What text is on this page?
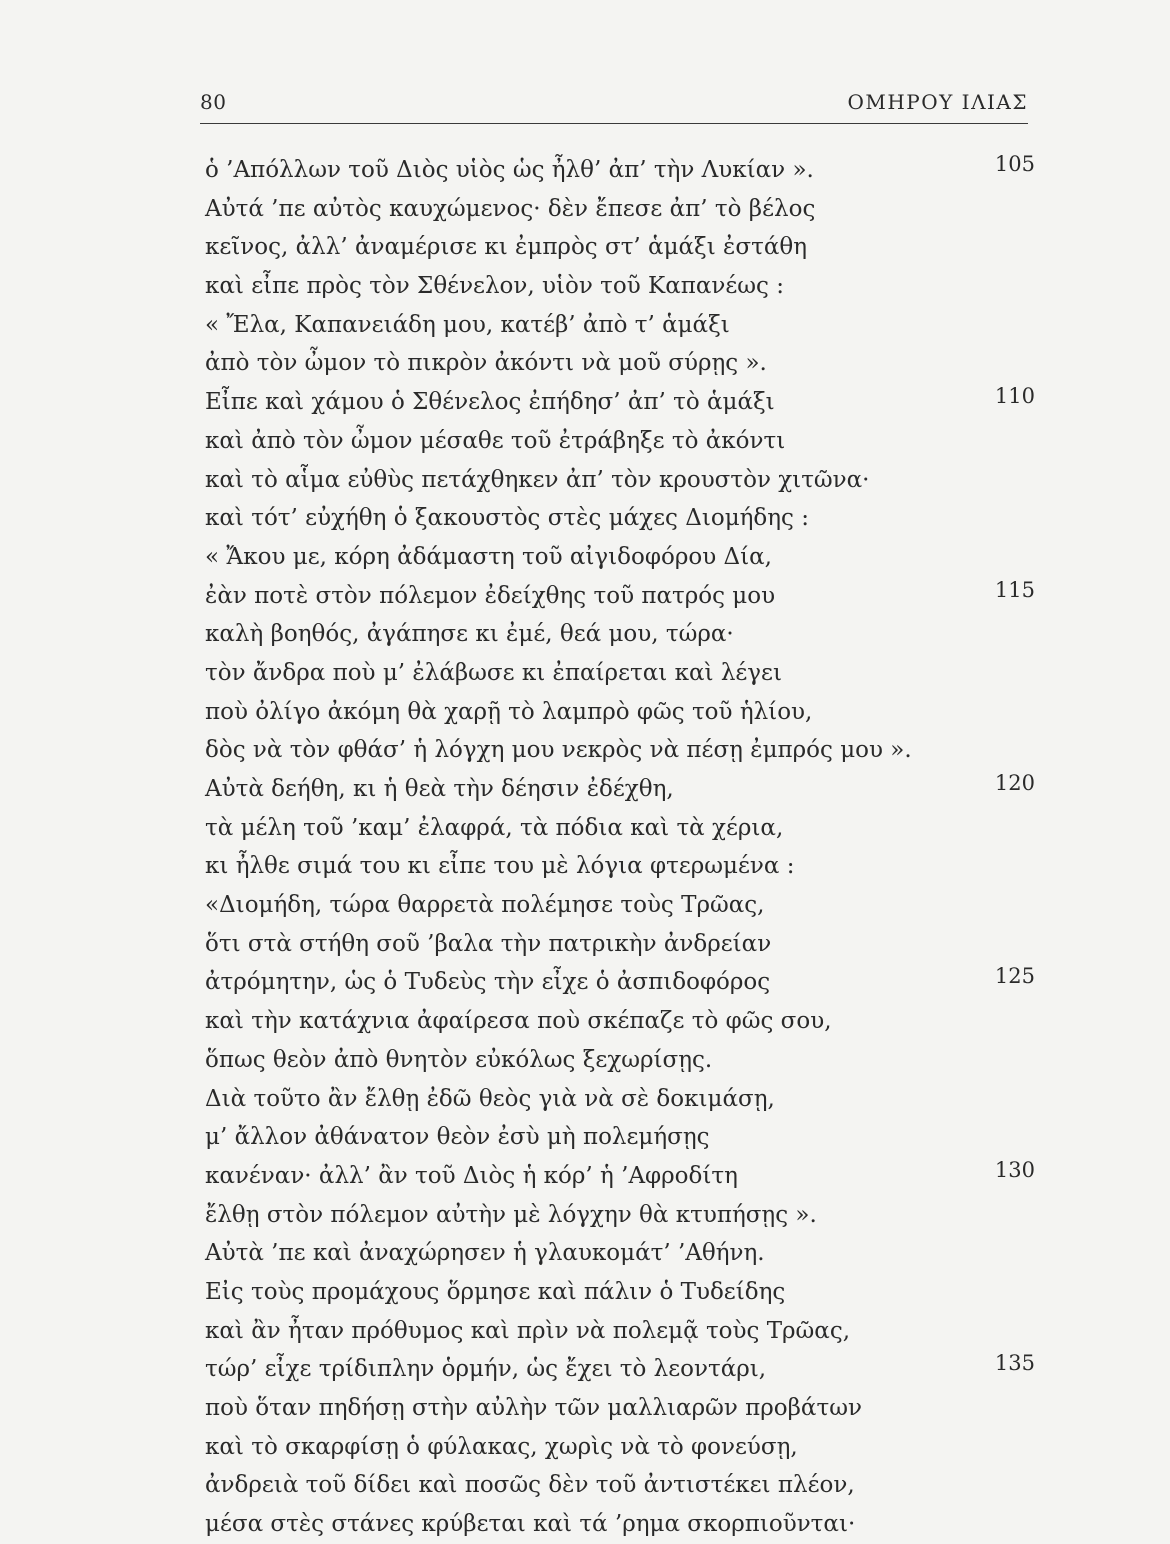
80	ΟΜΗΡΟΥ ΙΛΙΑΣ
ὁ ’Απόλλων τοῦ Διὸς υἱὸς ὡς ἦλθ’ ἀπ’ τὴν Λυκίαν ».	105
Αὐτά ’πε αὐτὸς καυχώμενος· δὲν ἔπεσε ἀπ’ τὸ βέλος
κεῖνος, ἀλλ’ ἀναμέρισε κι ἐμπρὸς στ’ ἁμάξι ἐστάθη
καὶ εἶπε πρὸς τὸν Σθένελον, υἱὸν τοῦ Καπανέως :
« Ἔλα, Καπανειάδη μου, κατέβ’ ἀπὸ τ’ ἁμάξι
ἀπὸ τὸν ὦμον τὸ πικρὸν ἀκόντι νὰ μοῦ σύρῃς ».
Εἶπε καὶ χάμου ὁ Σθένελος ἐπήδησ’ ἀπ’ τὸ ἁμάξι	110
καὶ ἀπὸ τὸν ὦμον μέσαθε τοῦ ἐτράβηξε τὸ ἀκόντι
καὶ τὸ αἷμα εὐθὺς πετάχθηκεν ἀπ’ τὸν κρουστὸν χιτῶνα·
καὶ τότ’ εὐχήθη ὁ ξακουστὸς στὲς μάχες Διομήδης :
« Ἄκου με, κόρη ἀδάμαστη τοῦ αἰγιδοφόρου Δία,
ἐὰν ποτὲ στὸν πόλεμον ἐδείχθης τοῦ πατρός μου	115
καλὴ βοηθός, ἀγάπησε κι ἐμέ, θεά μου, τώρα·
τὸν ἄνδρα ποὺ μ’ ἐλάβωσε κι ἐπαίρεται καὶ λέγει
ποὺ ὀλίγο ἀκόμη θὰ χαρῇ τὸ λαμπρὸ φῶς τοῦ ἡλίου,
δὸς νὰ τὸν φθάσ’ ἡ λόγχη μου νεκρὸς νὰ πέσῃ ἐμπρός μου ».
Αὐτὰ δεήθη, κι ἡ θεὰ τὴν δέησιν ἐδέχθη,	120
τὰ μέλη τοῦ ’καμ’ ἐλαφρά, τὰ πόδια καὶ τὰ χέρια,
κι ἦλθε σιμά του κι εἶπε του μὲ λόγια φτερωμένα :
«Διομήδη, τώρα θαρρετὰ πολέμησε τοὺς Τρῶας,
ὅτι στὰ στήθη σοῦ ’βαλα τὴν πατρικὴν ἀνδρείαν
ἀτρόμητην, ὡς ὁ Τυδεὺς τὴν εἶχε ὁ ἀσπιδοφόρος	125
καὶ τὴν κατάχνια ἀφαίρεσα ποὺ σκέπαζε τὸ φῶς σου,
ὅπως θεὸν ἀπὸ θνητὸν εὐκόλως ξεχωρίσῃς.
Διὰ τοῦτο ἂν ἔλθῃ ἐδῶ θεὸς γιὰ νὰ σὲ δοκιμάσῃ,
μ’ ἄλλον ἀθάνατον θεὸν ἐσὺ μὴ πολεμήσῃς
κανέναν· ἀλλ’ ἂν τοῦ Διὸς ἡ κόρ’ ἡ ’Αφροδίτη	130
ἔλθῃ στὸν πόλεμον αὐτὴν μὲ λόγχην θὰ κτυπήσῃς ».
Αὐτὰ ’πε καὶ ἀναχώρησεν ἡ γλαυκομάτ’ ’Αθήνη.
Εἰς τοὺς προμάχους ὅρμησε καὶ πάλιν ὁ Τυδείδης
καὶ ἂν ἦταν πρόθυμος καὶ πρὶν νὰ πολεμᾷ τοὺς Τρῶας,
τώρ’ εἶχε τρίδιπλην ὁρμήν, ὡς ἔχει τὸ λεοντάρι,	135
ποὺ ὅταν πηδήσῃ στὴν αὐλὴν τῶν μαλλιαρῶν προβάτων
καὶ τὸ σκαρφίσῃ ὁ φύλακας, χωρὶς νὰ τὸ φονεύσῃ,
ἀνδρειὰ τοῦ δίδει καὶ ποσῶς δὲν τοῦ ἀντιστέκει πλέον,
μέσα στὲς στάνες κρύβεται καὶ τά ’ρημα σκορπιοῦνται·
